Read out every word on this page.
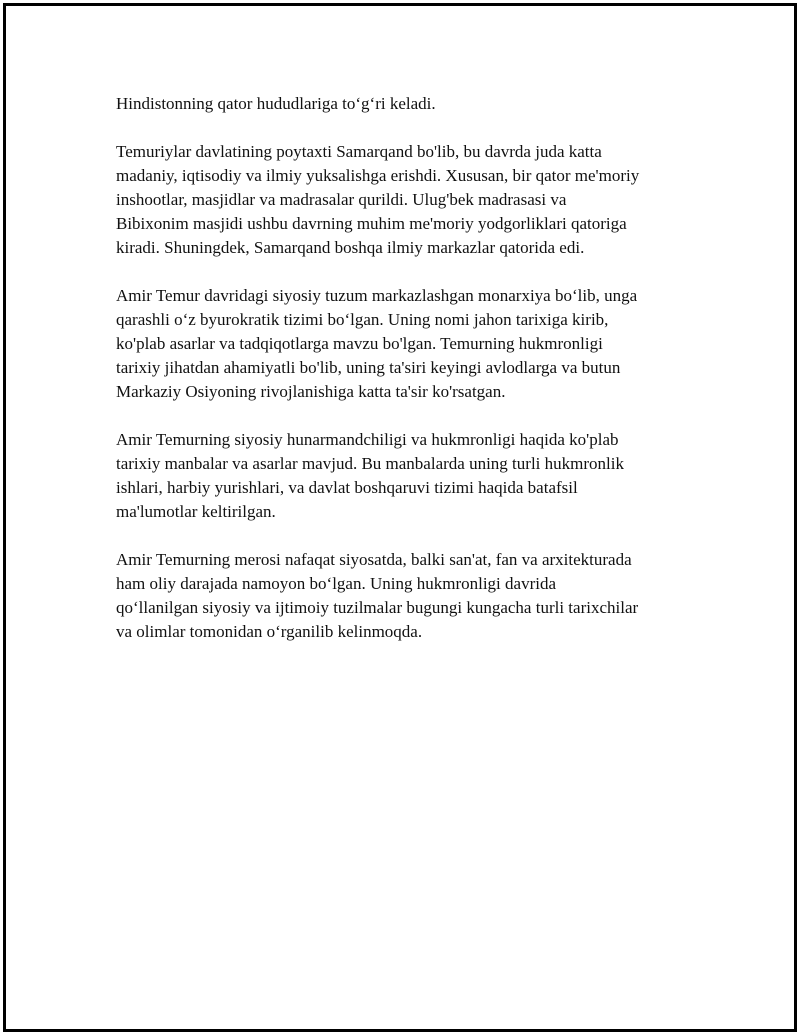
Hindistonning qator hududlariga to‘g‘ri keladi.

Temuriylar davlatining poytaxti Samarqand bo'lib, bu davrda juda katta
madaniy, iqtisodiy va ilmiy yuksalishga erishdi. Xususan, bir qator me'moriy
inshootlar, masjidlar va madrasalar qurildi. Ulug'bek madrasasi va
Bibixonim masjidi ushbu davrning muhim me'moriy yodgorliklari qatoriga
kiradi. Shuningdek, Samarqand boshqa ilmiy markazlar qatorida edi.

Amir Temur davridagi siyosiy tuzum markazlashgan monarxiya bo‘lib, unga
qarashli o‘z byurokratik tizimi bo‘lgan. Uning nomi jahon tarixiga kirib,
ko'plab asarlar va tadqiqotlarga mavzu bo'lgan. Temurning hukmronligi
tarixiy jihatdan ahamiyatli bo'lib, uning ta'siri keyingi avlodlarga va butun
Markaziy Osiyoning rivojlanishiga katta ta'sir ko'rsatgan.

Amir Temurning siyosiy hunarmandchiligi va hukmronligi haqida ko'plab
tarixiy manbalar va asarlar mavjud. Bu manbalarda uning turli hukmronlik
ishlari, harbiy yurishlari, va davlat boshqaruvi tizimi haqida batafsil
ma'lumotlar keltirilgan.

Amir Temurning merosi nafaqat siyosatda, balki san'at, fan va arxitekturada
ham oliy darajada namoyon bo‘lgan. Uning hukmronligi davrida
qo‘llanilgan siyosiy va ijtimoiy tuzilmalar bugungi kungacha turli tarixchilar
va olimlar tomonidan o‘rganilib kelinmoqda.
